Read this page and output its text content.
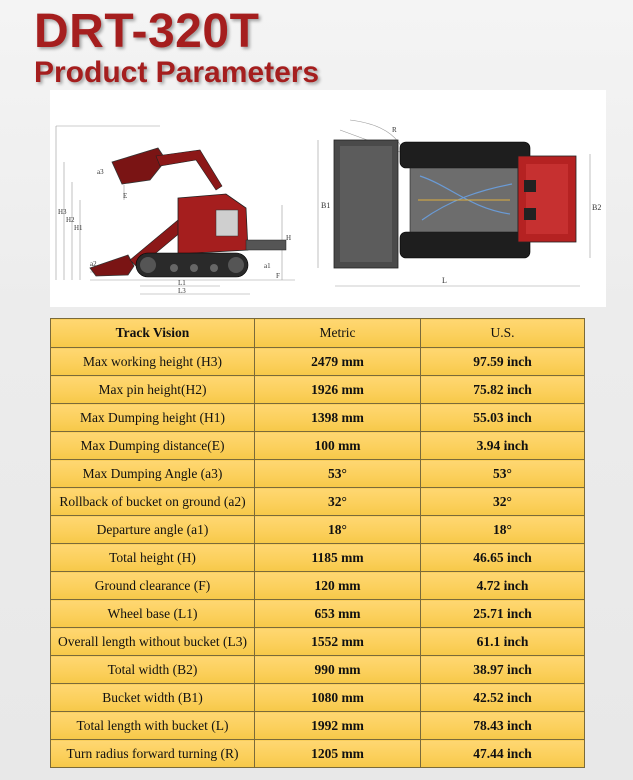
DRT-320T
Product Parameters
a3
E
H3
H2
H1
H
a2	a1
F
L1
L3
R
B1	B2
L
Track Vision	Metric	U.S.
Max working height (H3)	2479 mm	97.59 inch
Max pin height(H2)	1926 mm	75.82 inch
Max Dumping height (H1)	1398 mm	55.03 inch
Max Dumping distance(E)	100 mm	3.94 inch
Max Dumping Angle (a3)	53°	53°
Rollback of bucket on ground (a2)	32°	32°
Departure angle (a1)	18°	18°
Total height (H)	1185 mm	46.65 inch
Ground clearance (F)	120 mm	4.72 inch
Wheel base (L1)	653 mm	25.71 inch
Overall length without bucket (L3)	1552 mm	61.1 inch
Total width (B2)	990 mm	38.97 inch
Bucket width (B1)	1080 mm	42.52 inch
Total length with bucket (L)	1992 mm	78.43 inch
Turn radius forward turning (R)	1205 mm	47.44 inch
